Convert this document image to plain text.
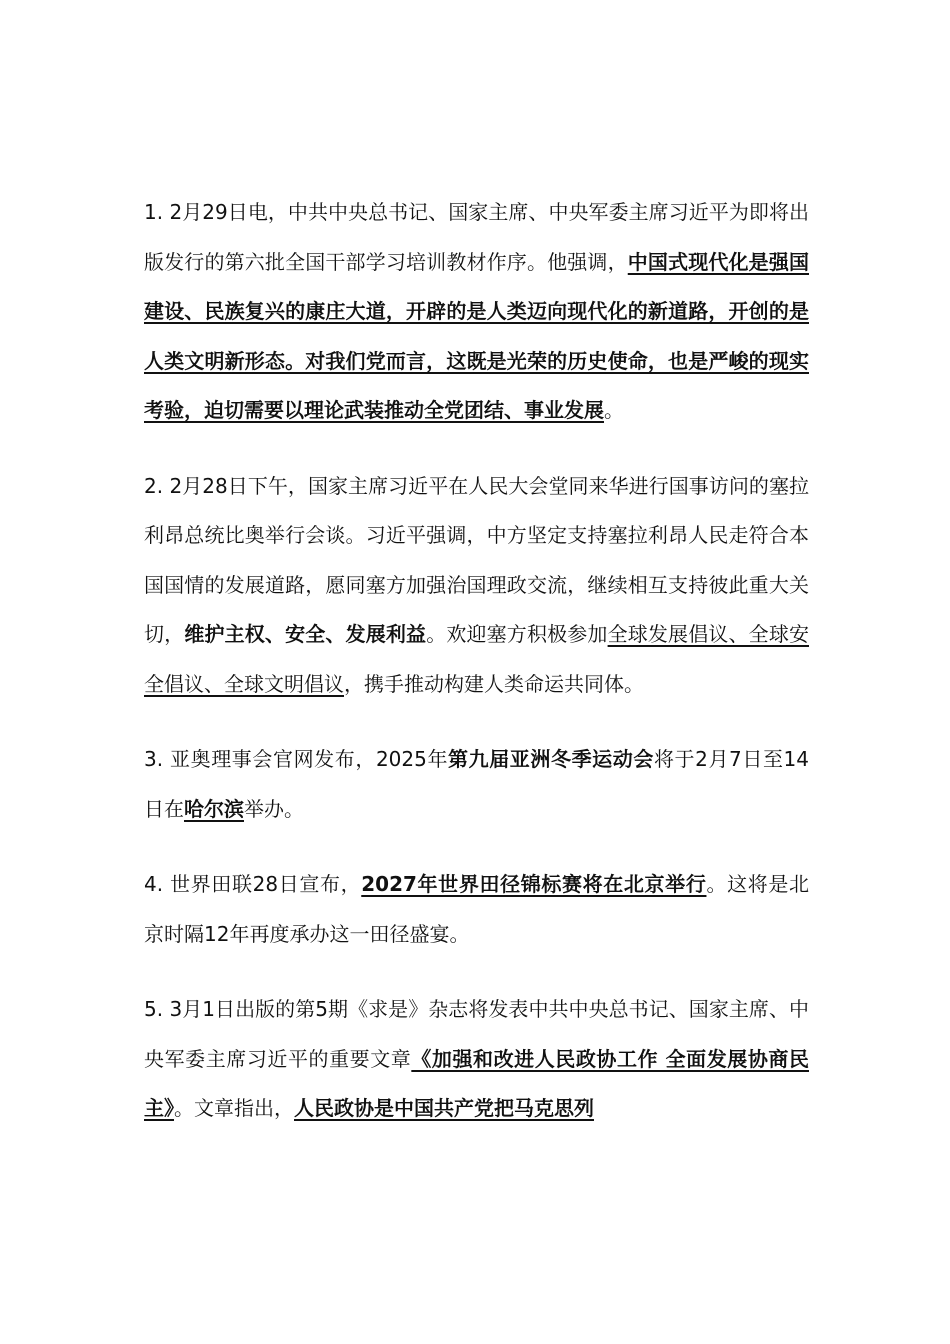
1. 2月29日电，中共中央总书记、国家主席、中央军委主席习近平为即将出版发行的第六批全国干部学习培训教材作序。他强调，中国式现代化是强国建设、民族复兴的康庄大道，开辟的是人类迈向现代化的新道路，开创的是人类文明新形态。对我们党而言，这既是光荣的历史使命，也是严峻的现实考验，迫切需要以理论武装推动全党团结、事业发展。

2. 2月28日下午，国家主席习近平在人民大会堂同来华进行国事访问的塞拉利昂总统比奥举行会谈。习近平强调，中方坚定支持塞拉利昂人民走符合本国国情的发展道路，愿同塞方加强治国理政交流，继续相互支持彼此重大关切，维护主权、安全、发展利益。欢迎塞方积极参加全球发展倡议、全球安全倡议、全球文明倡议，携手推动构建人类命运共同体。

3. 亚奥理事会官网发布，2025年第九届亚洲冬季运动会将于2月7日至14日在哈尔滨举办。

4. 世界田联28日宣布，2027年世界田径锦标赛将在北京举行。这将是北京时隔12年再度承办这一田径盛宴。

5. 3月1日出版的第5期《求是》杂志将发表中共中央总书记、国家主席、中央军委主席习近平的重要文章《加强和改进人民政协工作 全面发展协商民主》。文章指出，人民政协是中国共产党把马克思列
